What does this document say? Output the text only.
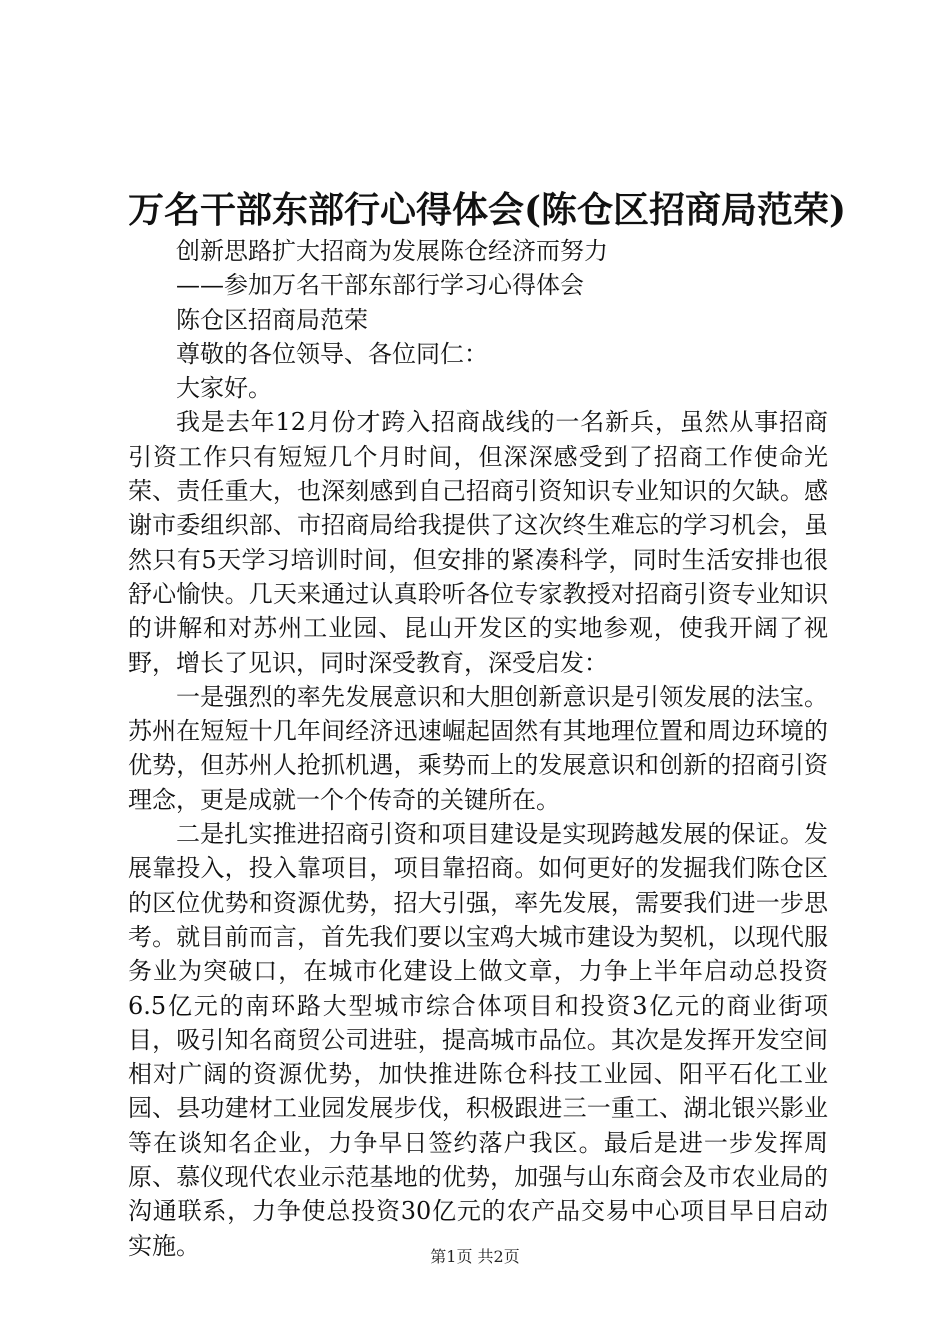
万名干部东部行心得体会(陈仓区招商局范荣)

创新思路扩大招商为发展陈仓经济而努力

——参加万名干部东部行学习心得体会

陈仓区招商局范荣

尊敬的各位领导、各位同仁：

大家好。

我是去年12月份才跨入招商战线的一名新兵，虽然从事招商引资工作只有短短几个月时间，但深深感受到了招商工作使命光荣、责任重大，也深刻感到自己招商引资知识专业知识的欠缺。感谢市委组织部、市招商局给我提供了这次终生难忘的学习机会，虽然只有5天学习培训时间，但安排的紧凑科学，同时生活安排也很舒心愉快。几天来通过认真聆听各位专家教授对招商引资专业知识的讲解和对苏州工业园、昆山开发区的实地参观，使我开阔了视野，增长了见识，同时深受教育，深受启发：

一是强烈的率先发展意识和大胆创新意识是引领发展的法宝。苏州在短短十几年间经济迅速崛起固然有其地理位置和周边环境的优势，但苏州人抢抓机遇，乘势而上的发展意识和创新的招商引资理念，更是成就一个个传奇的关键所在。

二是扎实推进招商引资和项目建设是实现跨越发展的保证。发展靠投入，投入靠项目，项目靠招商。如何更好的发掘我们陈仓区的区位优势和资源优势，招大引强，率先发展，需要我们进一步思考。就目前而言，首先我们要以宝鸡大城市建设为契机，以现代服务业为突破口，在城市化建设上做文章，力争上半年启动总投资6.5亿元的南环路大型城市综合体项目和投资3亿元的商业街项目，吸引知名商贸公司进驻，提高城市品位。其次是发挥开发空间相对广阔的资源优势，加快推进陈仓科技工业园、阳平石化工业园、县功建材工业园发展步伐，积极跟进三一重工、湖北银兴影业等在谈知名企业，力争早日签约落户我区。最后是进一步发挥周原、慕仪现代农业示范基地的优势，加强与山东商会及市农业局的沟通联系，力争使总投资30亿元的农产品交易中心项目早日启动实施。	第1页 共2页
